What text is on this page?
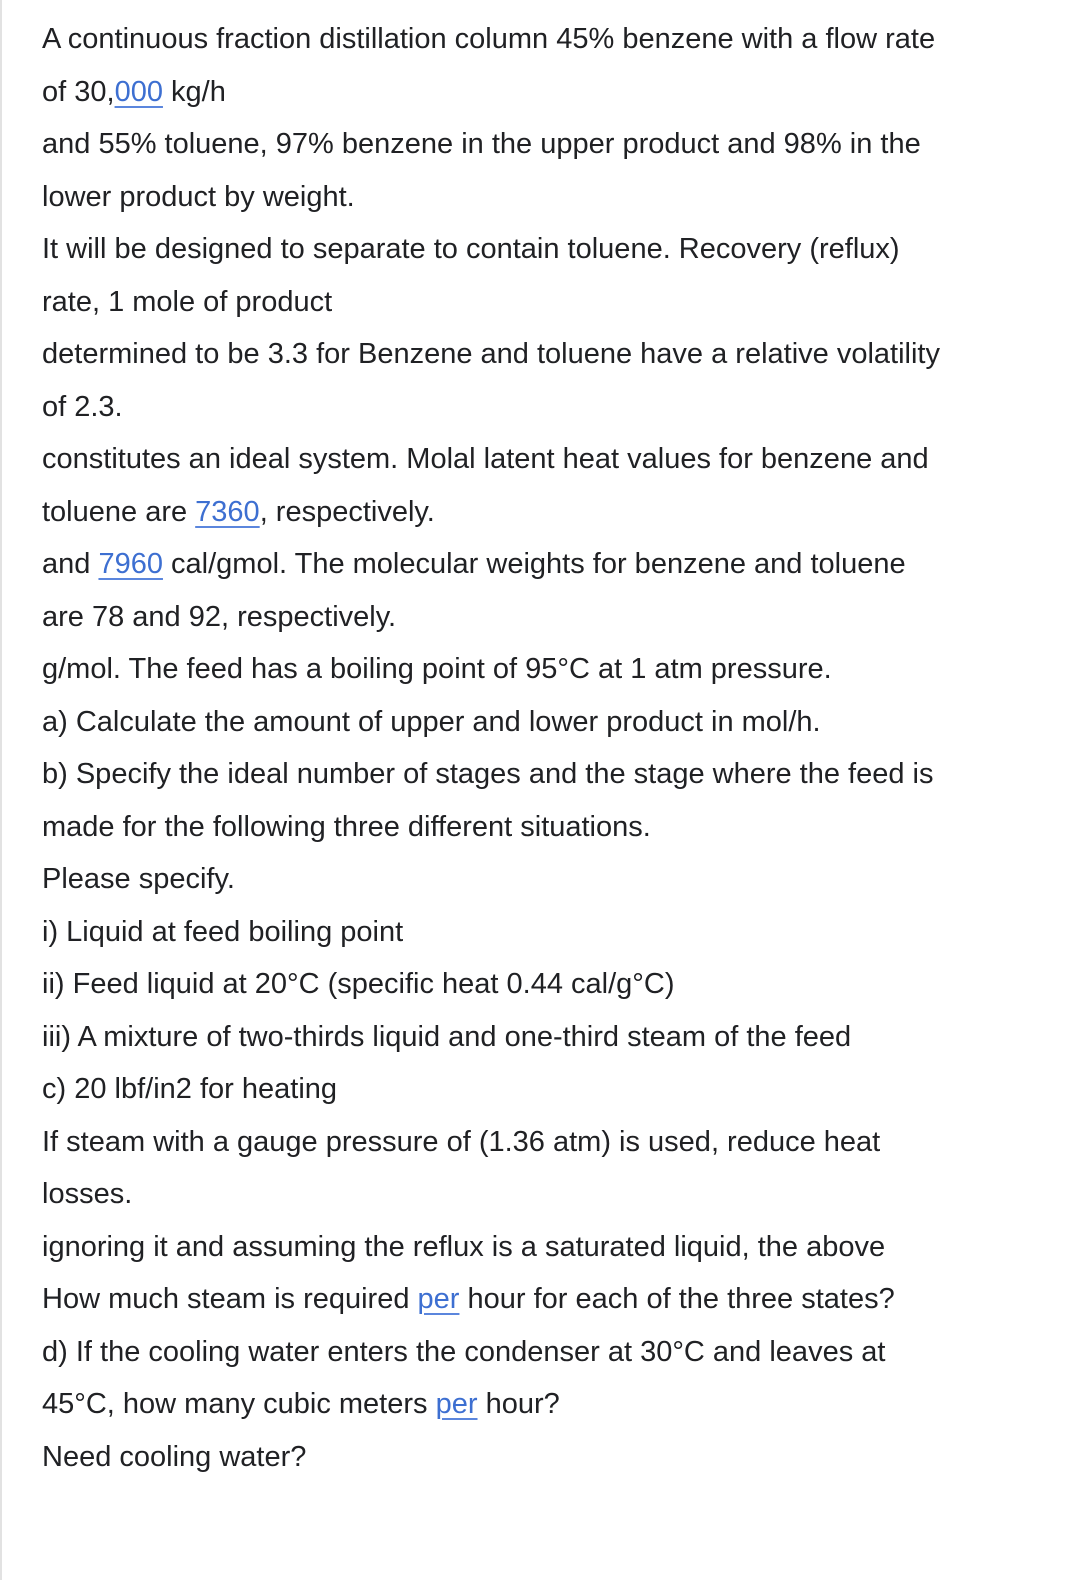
A continuous fraction distillation column 45% benzene with a flow rate
of 30,000 kg/h
and 55% toluene, 97% benzene in the upper product and 98% in the
lower product by weight.
It will be designed to separate to contain toluene. Recovery (reflux)
rate, 1 mole of product
determined to be 3.3 for Benzene and toluene have a relative volatility
of 2.3.
constitutes an ideal system. Molal latent heat values for benzene and
toluene are 7360, respectively.
and 7960 cal/gmol. The molecular weights for benzene and toluene
are 78 and 92, respectively.
g/mol. The feed has a boiling point of 95°C at 1 atm pressure.
a) Calculate the amount of upper and lower product in mol/h.
b) Specify the ideal number of stages and the stage where the feed is
made for the following three different situations.
Please specify.
i) Liquid at feed boiling point
ii) Feed liquid at 20°C (specific heat 0.44 cal/g°C)
iii) A mixture of two-thirds liquid and one-third steam of the feed
c) 20 lbf/in2 for heating
If steam with a gauge pressure of (1.36 atm) is used, reduce heat
losses.
ignoring it and assuming the reflux is a saturated liquid, the above
How much steam is required per hour for each of the three states?
d) If the cooling water enters the condenser at 30°C and leaves at
45°C, how many cubic meters per hour?
Need cooling water?
